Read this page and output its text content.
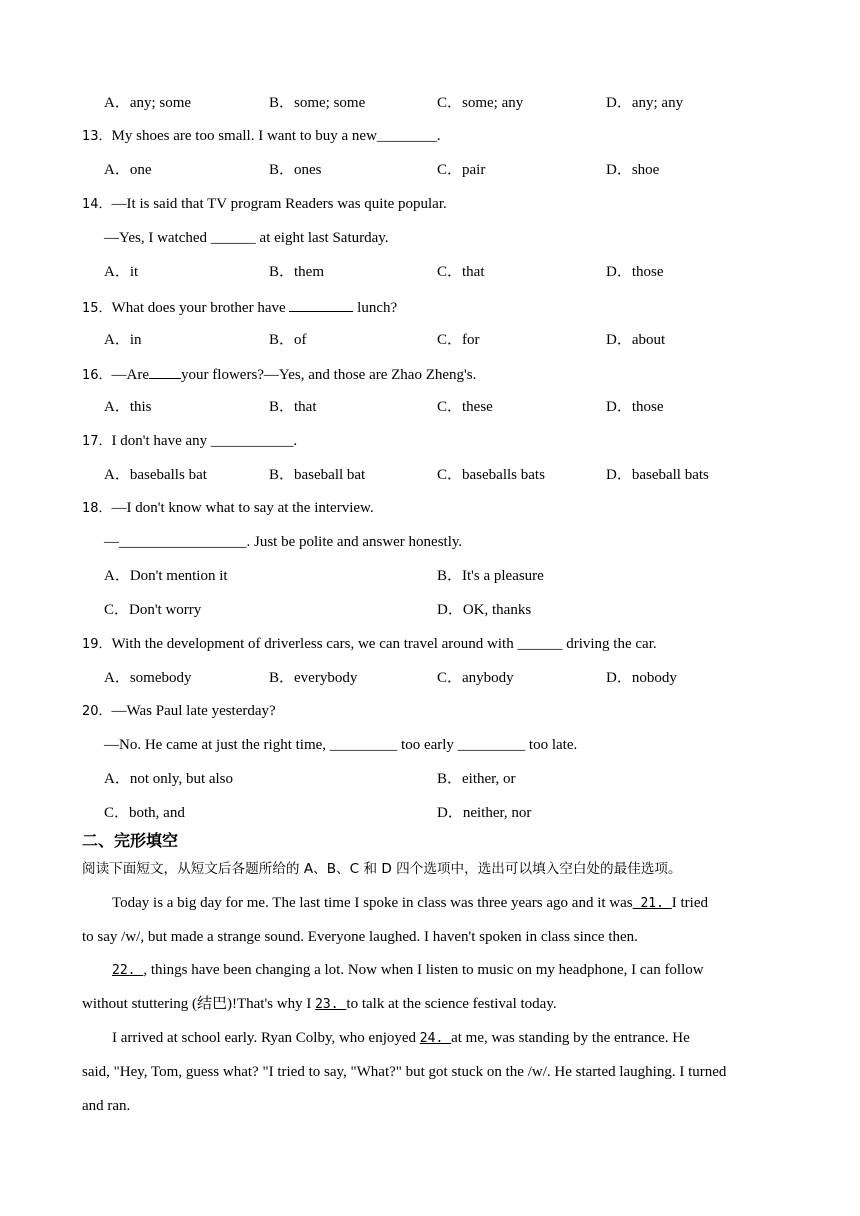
A．any; some	B．some; some	C．some; any	D．any; any
13．My shoes are too small. I want to buy a new________.
A．one	B．ones	C．pair	D．shoe
14．—It is said that TV program Readers was quite popular.
—Yes, I watched ______ at eight last Saturday.
A．it	B．them	C．that	D．those
15．What does your brother have	lunch?
A．in	B．of	C．for	D．about
16．—Are your flowers?—Yes, and those are Zhao Zheng's.
A．this	B．that	C．these	D．those
17．I don't have any ___________.
A．baseballs bat	B．baseball bat	C．baseballs bats	D．baseball bats
18．—I don't know what to say at the interview.
—_________________. Just be polite and answer honestly.
A．Don't mention it	B．It's a pleasure
C．Don't worry	D．OK, thanks
19．With the development of driverless cars, we can travel around with ______ driving the car.
A．somebody	B．everybody	C．anybody	D．nobody
20．—Was Paul late yesterday?
—No. He came at just the right time, _________ too early _________ too late.
A．not only, but also	B．either, or
C．both, and	D．neither, nor
二、完形填空
阅读下面短文，从短文后各题所给的 A、B、C 和 D 四个选项中，选出可以填入空白处的最佳选项。
Today is a big day for me. The last time I spoke in class was three years ago and it was 21. I tried
to say /w/, but made a strange sound. Everyone laughed. I haven't spoken in class since then.
22. , things have been changing a lot. Now when I listen to music on my headphone, I can follow
without stuttering (结巴)!That's why I 23. to talk at the science festival today.
I arrived at school early. Ryan Colby, who enjoyed 24. at me, was standing by the entrance. He
said, "Hey, Tom, guess what? "I tried to say, "What?" but got stuck on the /w/. He started laughing. I turned
and ran.
